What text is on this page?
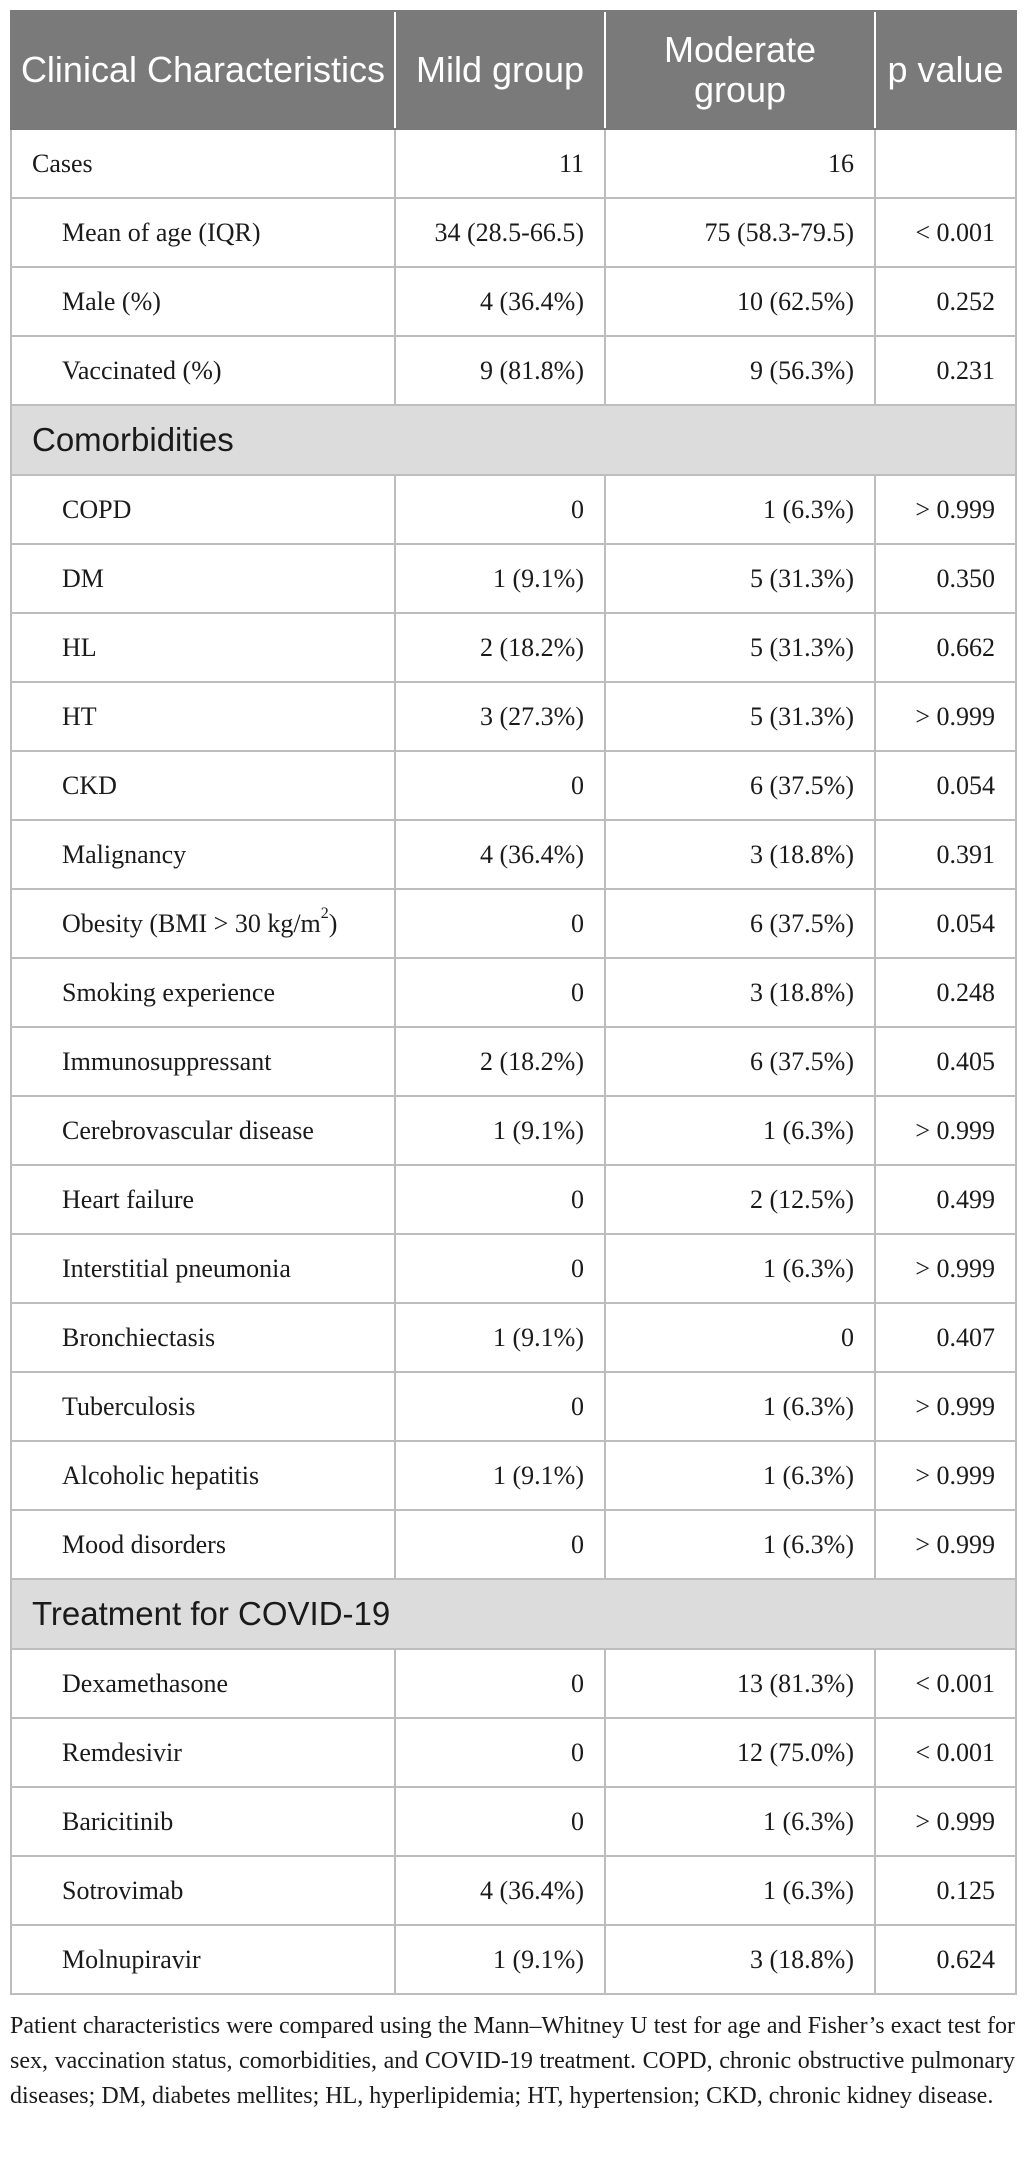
Clinical Characteristics	Mild group	Moderate group	p value
Cases	11	16	
Mean of age (IQR)	34 (28.5-66.5)	75 (58.3-79.5)	< 0.001
Male (%)	4 (36.4%)	10 (62.5%)	0.252
Vaccinated (%)	9 (81.8%)	9 (56.3%)	0.231
Comorbidities			
COPD	0	1 (6.3%)	> 0.999
DM	1 (9.1%)	5 (31.3%)	0.350
HL	2 (18.2%)	5 (31.3%)	0.662
HT	3 (27.3%)	5 (31.3%)	> 0.999
CKD	0	6 (37.5%)	0.054
Malignancy	4 (36.4%)	3 (18.8%)	0.391
Obesity (BMI > 30 $kg/m^2$)	0	6 (37.5%)	0.054
Smoking experience	0	3 (18.8%)	0.248
Immunosuppressant	2 (18.2%)	6 (37.5%)	0.405
Cerebrovascular disease	1 (9.1%)	1 (6.3%)	> 0.999
Heart failure	0	2 (12.5%)	0.499
Interstitial pneumonia	0	1 (6.3%)	> 0.999
Bronchiectasis	1 (9.1%)	0	0.407
Tuberculosis	0	1 (6.3%)	> 0.999
Alcoholic hepatitis	1 (9.1%)	1 (6.3%)	> 0.999
Mood disorders	0	1 (6.3%)	> 0.999
Treatment for COVID-19			
Dexamethasone	0	13 (81.3%)	< 0.001
Remdesivir	0	12 (75.0%)	< 0.001
Baricitinib	0	1 (6.3%)	> 0.999
Sotrovimab	4 (36.4%)	1 (6.3%)	0.125
Molnupiravir	1 (9.1%)	3 (18.8%)	0.624

Patient characteristics were compared using the Mann–Whitney U test for age and Fisher’s exact test for sex, vaccination status, comorbidities, and COVID-19 treatment. COPD, chronic obstructive pulmonary diseases; DM, diabetes mellites; HL, hyperlipidemia; HT, hypertension; CKD, chronic kidney disease.
